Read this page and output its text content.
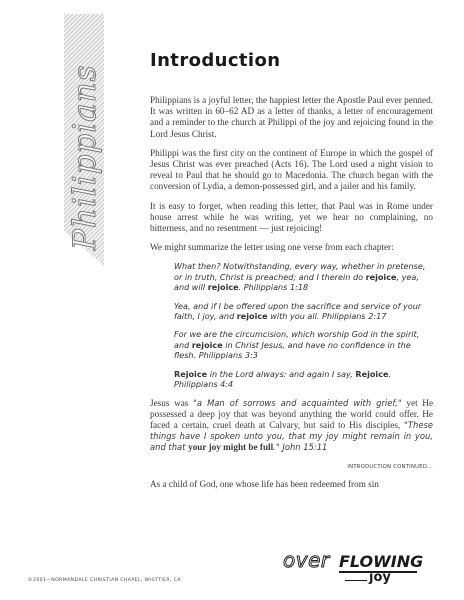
Philippians
Introduction

Philippians is a joyful letter, the happiest letter the Apostle Paul ever penned. It was written in 60–62 AD as a letter of thanks, a letter of encouragement and a reminder to the church at Philippi of the joy and rejoicing found in the Lord Jesus Christ.

Philippi was the first city on the continent of Europe in which the gospel of Jesus Christ was ever preached (Acts 16). The Lord used a night vision to reveal to Paul that he should go to Macedonia. The church began with the conversion of Lydia, a demon-possessed girl, and a jailer and his family.

It is easy to forget, when reading this letter, that Paul was in Rome under house arrest while he was writing, yet we hear no complaining, no bitterness, and no resentment — just rejoicing!

We might summarize the letter using one verse from each chapter:

What then? Notwithstanding, every way, whether in pretense, or in truth, Christ is preached; and I therein do rejoice, yea, and will rejoice. Philippians 1:18

Yea, and if I be offered upon the sacrifice and service of your faith, I joy, and rejoice with you all. Philippians 2:17

For we are the circumcision, which worship God in the spirit, and rejoice in Christ Jesus, and have no confidence in the flesh. Philippians 3:3

Rejoice in the Lord always: and again I say, Rejoice. Philippians 4:4

Jesus was "a Man of sorrows and acquainted with grief," yet He possessed a deep joy that was beyond anything the world could offer. He faced a certain, cruel death at Calvary, but said to His disciples, "These things have I spoken unto you, that my joy might remain in you, and that your joy might be full." John 15:11

INTRODUCTION CONTINUED...

As a child of God, one whose life has been redeemed from sin

©2001—NORMANDALE CHRISTIAN CHAPEL, WHITTIER, CA
over FLOWING
joy
